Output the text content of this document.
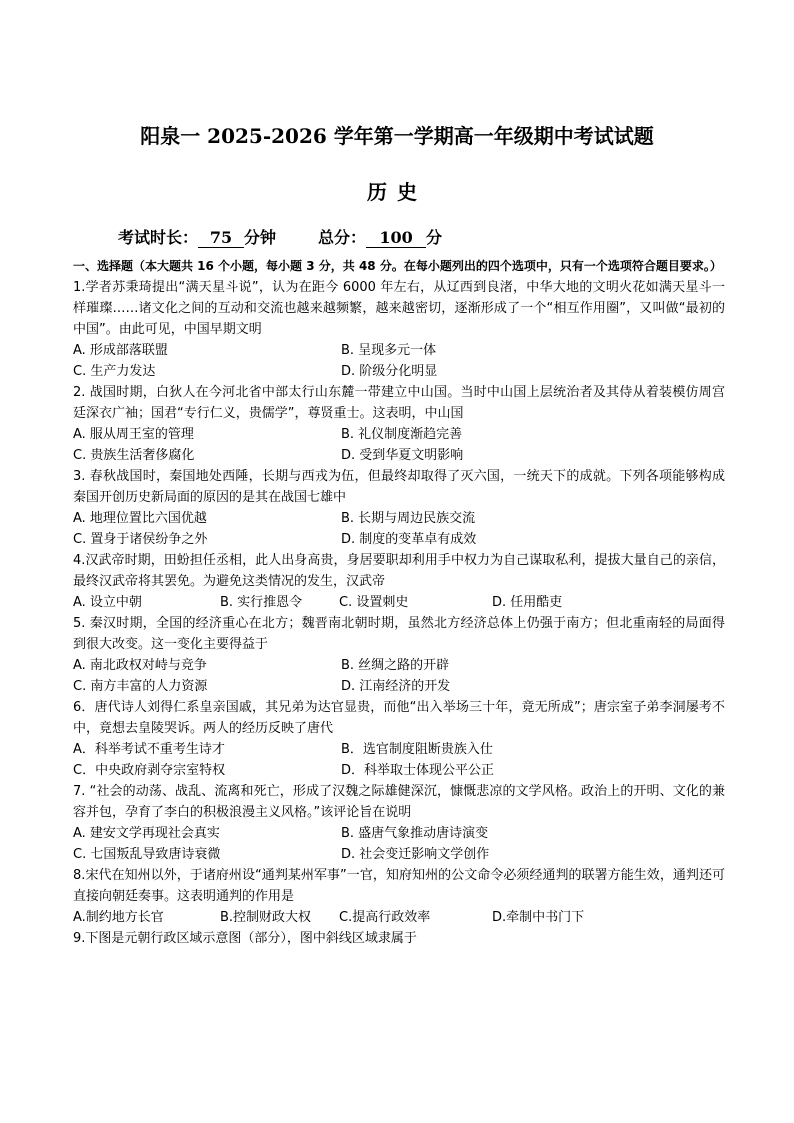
阳泉一 2025-2026 学年第一学期高一年级期中考试试题
历史
考试时长： 75 分钟	总分： 100 分
一、选择题（本大题共 16 个小题，每小题 3 分，共 48 分。在每小题列出的四个选项中，只有一个选项符合题目要求。）
1.学者苏秉琦提出“满天星斗说”，认为在距今 6000 年左右，从辽西到良渚，中华大地的文明火花如满天星斗一样璀璨……诸文化之间的互动和交流也越来越频繁，越来越密切，逐渐形成了一个“相互作用圈”，又叫做“最初的中国”。由此可见，中国早期文明
A. 形成部落联盟	B. 呈现多元一体
C. 生产力发达	D. 阶级分化明显
2. 战国时期，白狄人在今河北省中部太行山东麓一带建立中山国。当时中山国上层统治者及其侍从着装模仿周宫廷深衣广袖；国君“专行仁义，贵儒学”，尊贤重士。这表明，中山国
A. 服从周王室的管理	B. 礼仪制度渐趋完善
C. 贵族生活奢侈腐化	D. 受到华夏文明影响
3. 春秋战国时，秦国地处西陲，长期与西戎为伍，但最终却取得了灭六国，一统天下的成就。下列各项能够构成秦国开创历史新局面的原因的是其在战国七雄中
A. 地理位置比六国优越	B. 长期与周边民族交流
C. 置身于诸侯纷争之外	D. 制度的变革卓有成效
4.汉武帝时期，田蚡担任丞相，此人出身高贵，身居要职却利用手中权力为自己谋取私利，提拔大量自己的亲信，最终汉武帝将其罢免。为避免这类情况的发生，汉武帝
A. 设立中朝	B. 实行推恩令	C. 设置刺史	D. 任用酷吏
5. 秦汉时期，全国的经济重心在北方；魏晋南北朝时期，虽然北方经济总体上仍强于南方；但北重南轻的局面得到很大改变。这一变化主要得益于
A. 南北政权对峙与竞争	B. 丝绸之路的开辟
C. 南方丰富的人力资源	D. 江南经济的开发
6．唐代诗人刘得仁系皇亲国戚，其兄弟为达官显贵，而他“出入举场三十年，竟无所成”；唐宗室子弟李洞屡考不中，竟想去皇陵哭诉。两人的经历反映了唐代
A．科举考试不重考生诗才	B．选官制度阻断贵族入仕
C．中央政府剥夺宗室特权	D．科举取士体现公平公正
7. “社会的动荡、战乱、流离和死亡，形成了汉魏之际雄健深沉，慷慨悲凉的文学风格。政治上的开明、文化的兼容并包，孕育了李白的积极浪漫主义风格。”该评论旨在说明
A. 建安文学再现社会真实	B. 盛唐气象推动唐诗演变
C. 七国叛乱导致唐诗衰微	D. 社会变迁影响文学创作
8.宋代在知州以外，于诸府州设“通判某州军事”一官，知府知州的公文命令必须经通判的联署方能生效，通判还可直接向朝廷奏事。这表明通判的作用是
A.制约地方长官	B.控制财政大权	C.提高行政效率	D.牵制中书门下
9.下图是元朝行政区域示意图（部分），图中斜线区域隶属于
